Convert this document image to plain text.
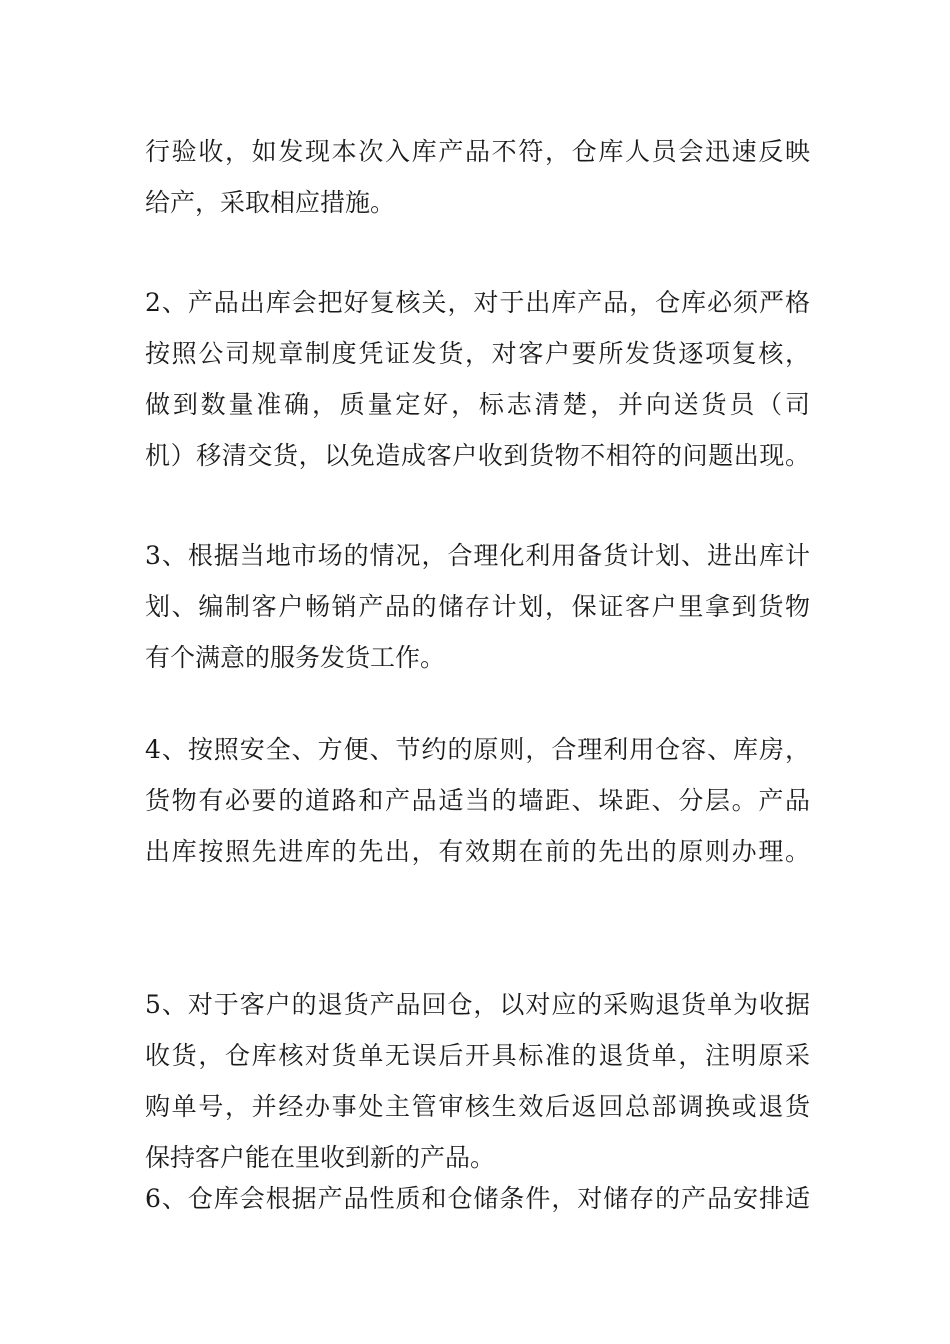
行验收，如发现本次入库产品不符，仓库人员会迅速反映
给产，采取相应措施。
2、产品出库会把好复核关，对于出库产品，仓库必须严格
按照公司规章制度凭证发货，对客户要所发货逐项复核，
做到数量准确，质量定好，标志清楚，并向送货员（司
机）移清交货，以免造成客户收到货物不相符的问题出现。
3、根据当地市场的情况，合理化利用备货计划、进出库计
划、编制客户畅销产品的储存计划，保证客户里拿到货物
有个满意的服务发货工作。
4、按照安全、方便、节约的原则，合理利用仓容、库房，
货物有必要的道路和产品适当的墙距、垛距、分层。产品
出库按照先进库的先出，有效期在前的先出的原则办理。
5、对于客户的退货产品回仓，以对应的采购退货单为收据
收货，仓库核对货单无误后开具标准的退货单，注明原采
购单号，并经办事处主管审核生效后返回总部调换或退货
保持客户能在里收到新的产品。
6、仓库会根据产品性质和仓储条件，对储存的产品安排适
